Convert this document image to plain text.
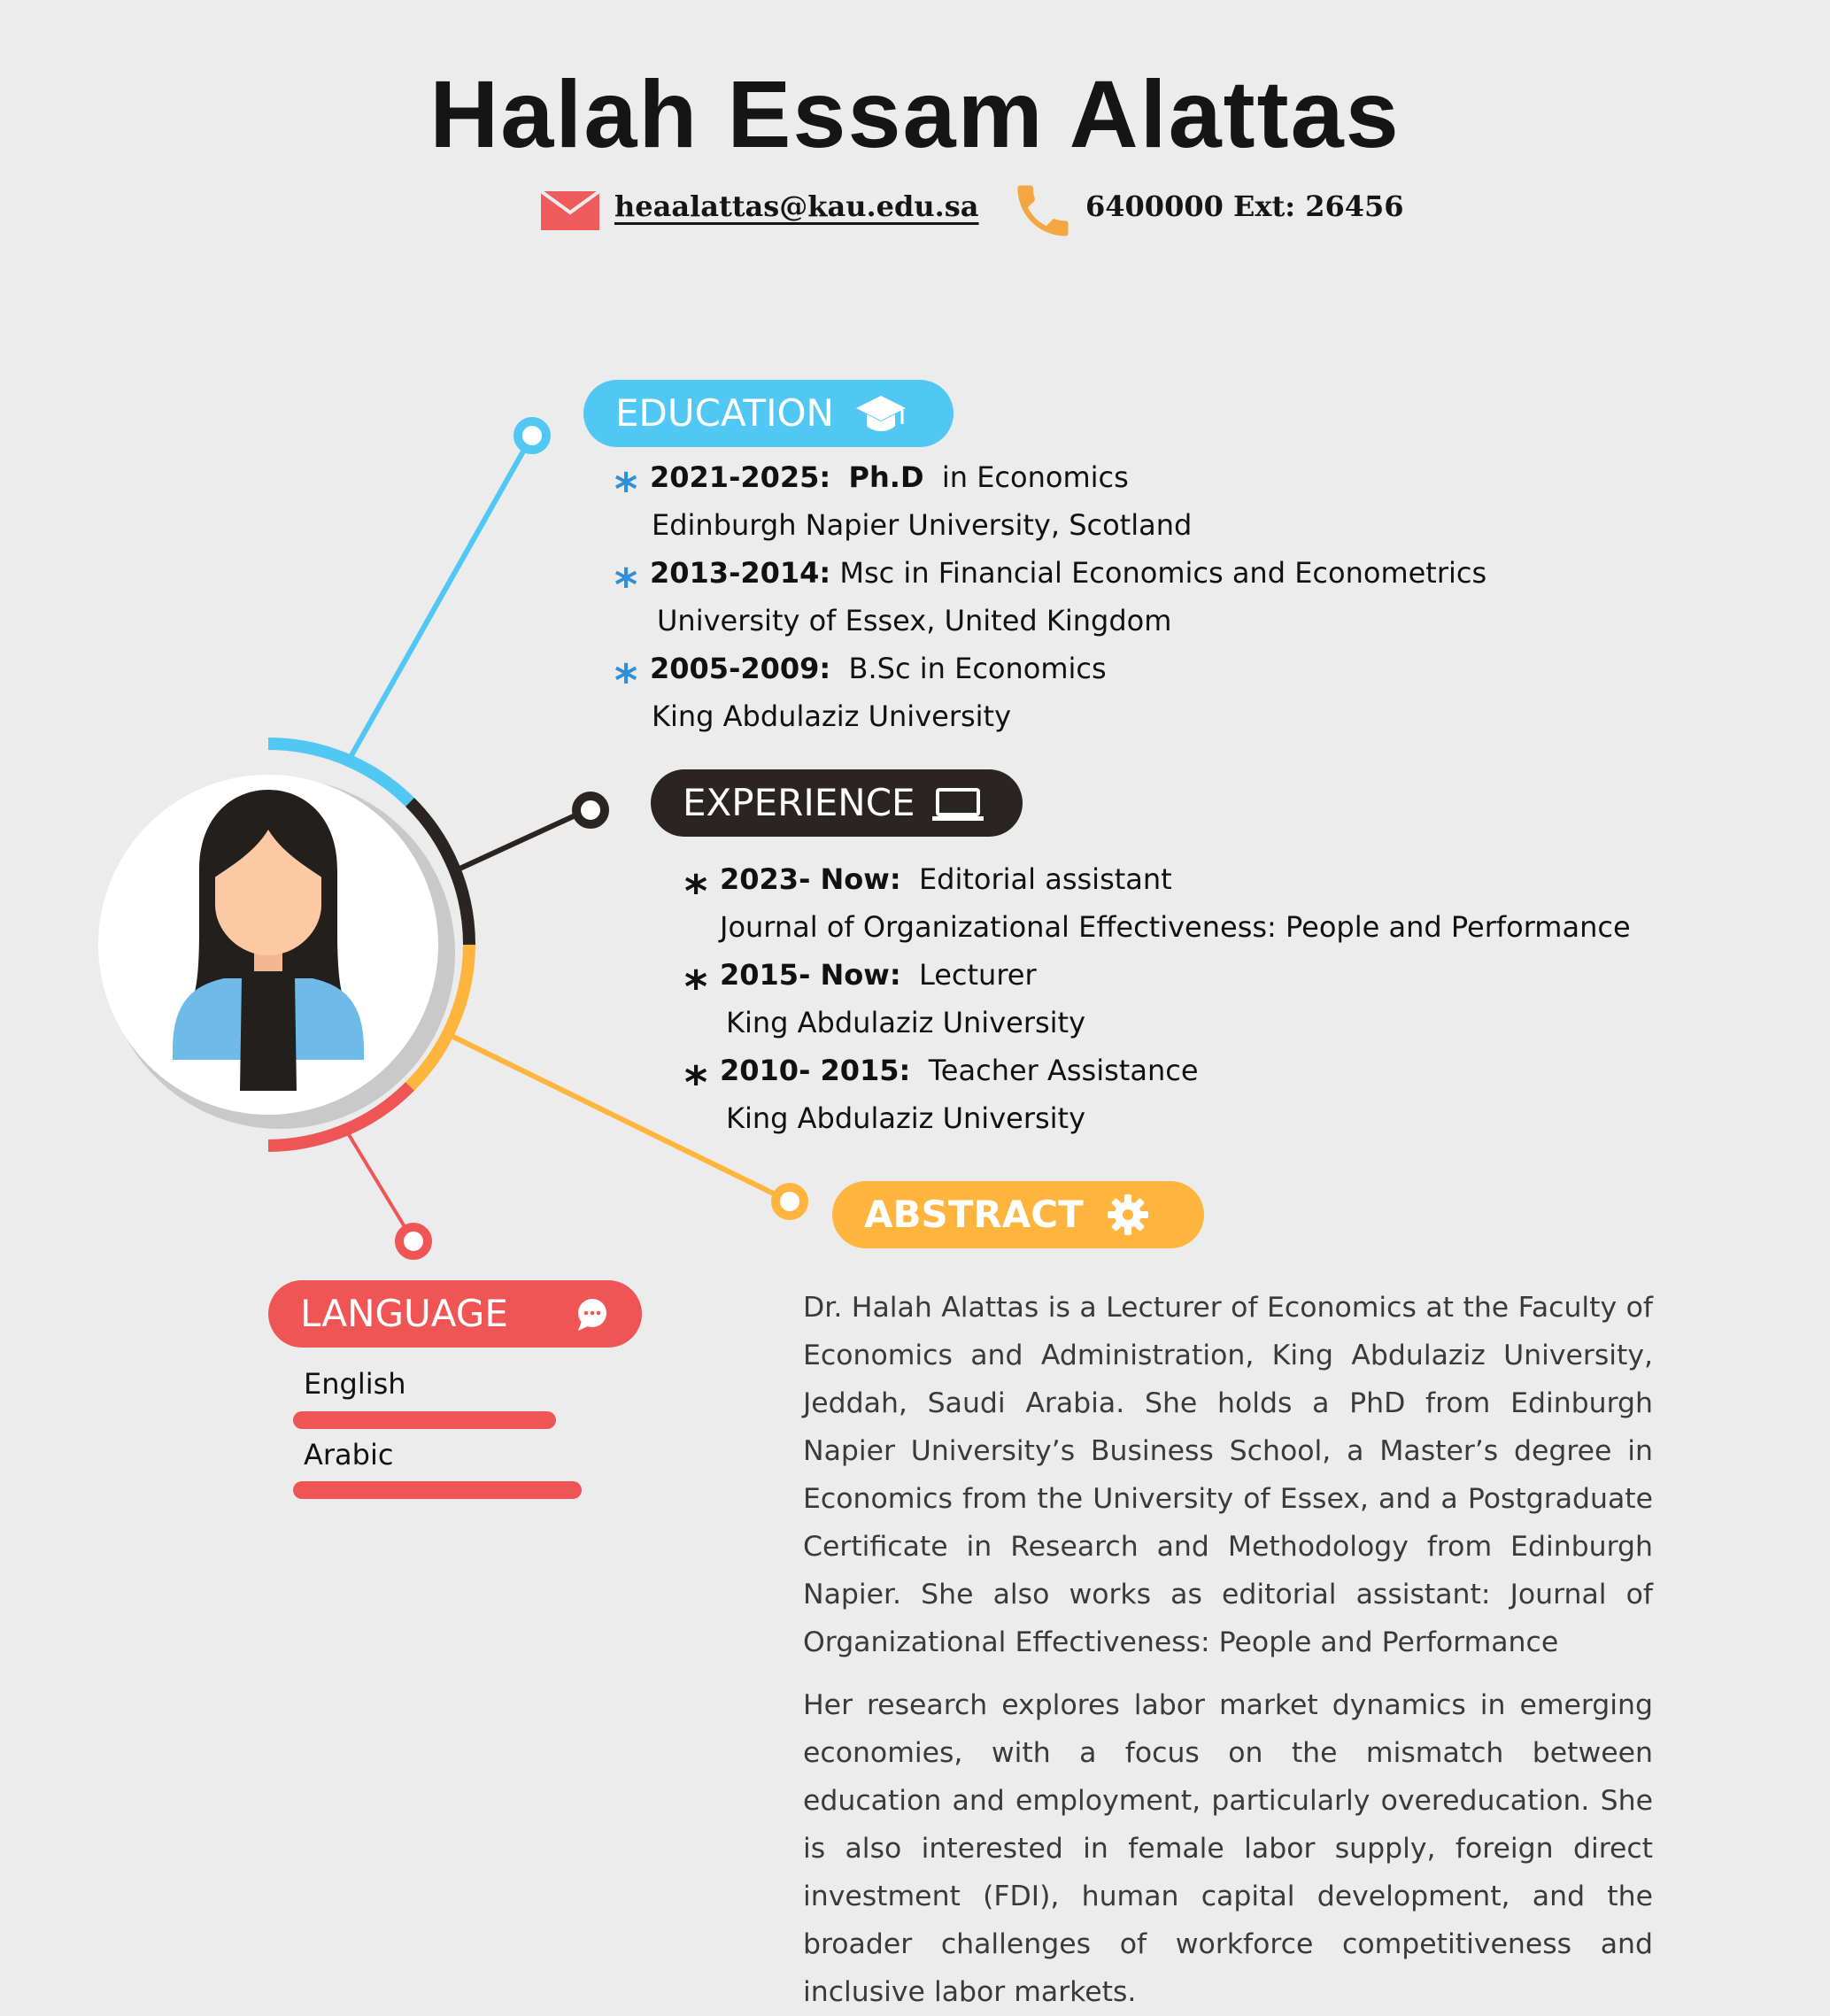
Halah Essam Alattas
heaalattas@kau.edu.sa	6400000 Ext: 26456
EDUCATION
* 2021-2025: Ph.D in Economics
Edinburgh Napier University, Scotland
* 2013-2014: Msc in Financial Economics and Econometrics
University of Essex, United Kingdom
* 2005-2009: B.Sc in Economics
King Abdulaziz University
EXPERIENCE
* 2023- Now: Editorial assistant
Journal of Organizational Effectiveness: People and Performance
* 2015- Now: Lecturer
King Abdulaziz University
* 2010- 2015: Teacher Assistance
King Abdulaziz University
ABSTRACT
Dr. Halah Alattas is a Lecturer of Economics at the Faculty of Economics and Administration, King Abdulaziz University, Jeddah, Saudi Arabia. She holds a PhD from Edinburgh Napier University’s Business School, a Master’s degree in Economics from the University of Essex, and a Postgraduate Certificate in Research and Methodology from Edinburgh Napier. She also works as editorial assistant: Journal of Organizational Effectiveness: People and Performance
Her research explores labor market dynamics in emerging economies, with a focus on the mismatch between education and employment, particularly overeducation. She is also interested in female labor supply, foreign direct investment (FDI), human capital development, and the broader challenges of workforce competitiveness and inclusive labor markets.
LANGUAGE
English
Arabic
